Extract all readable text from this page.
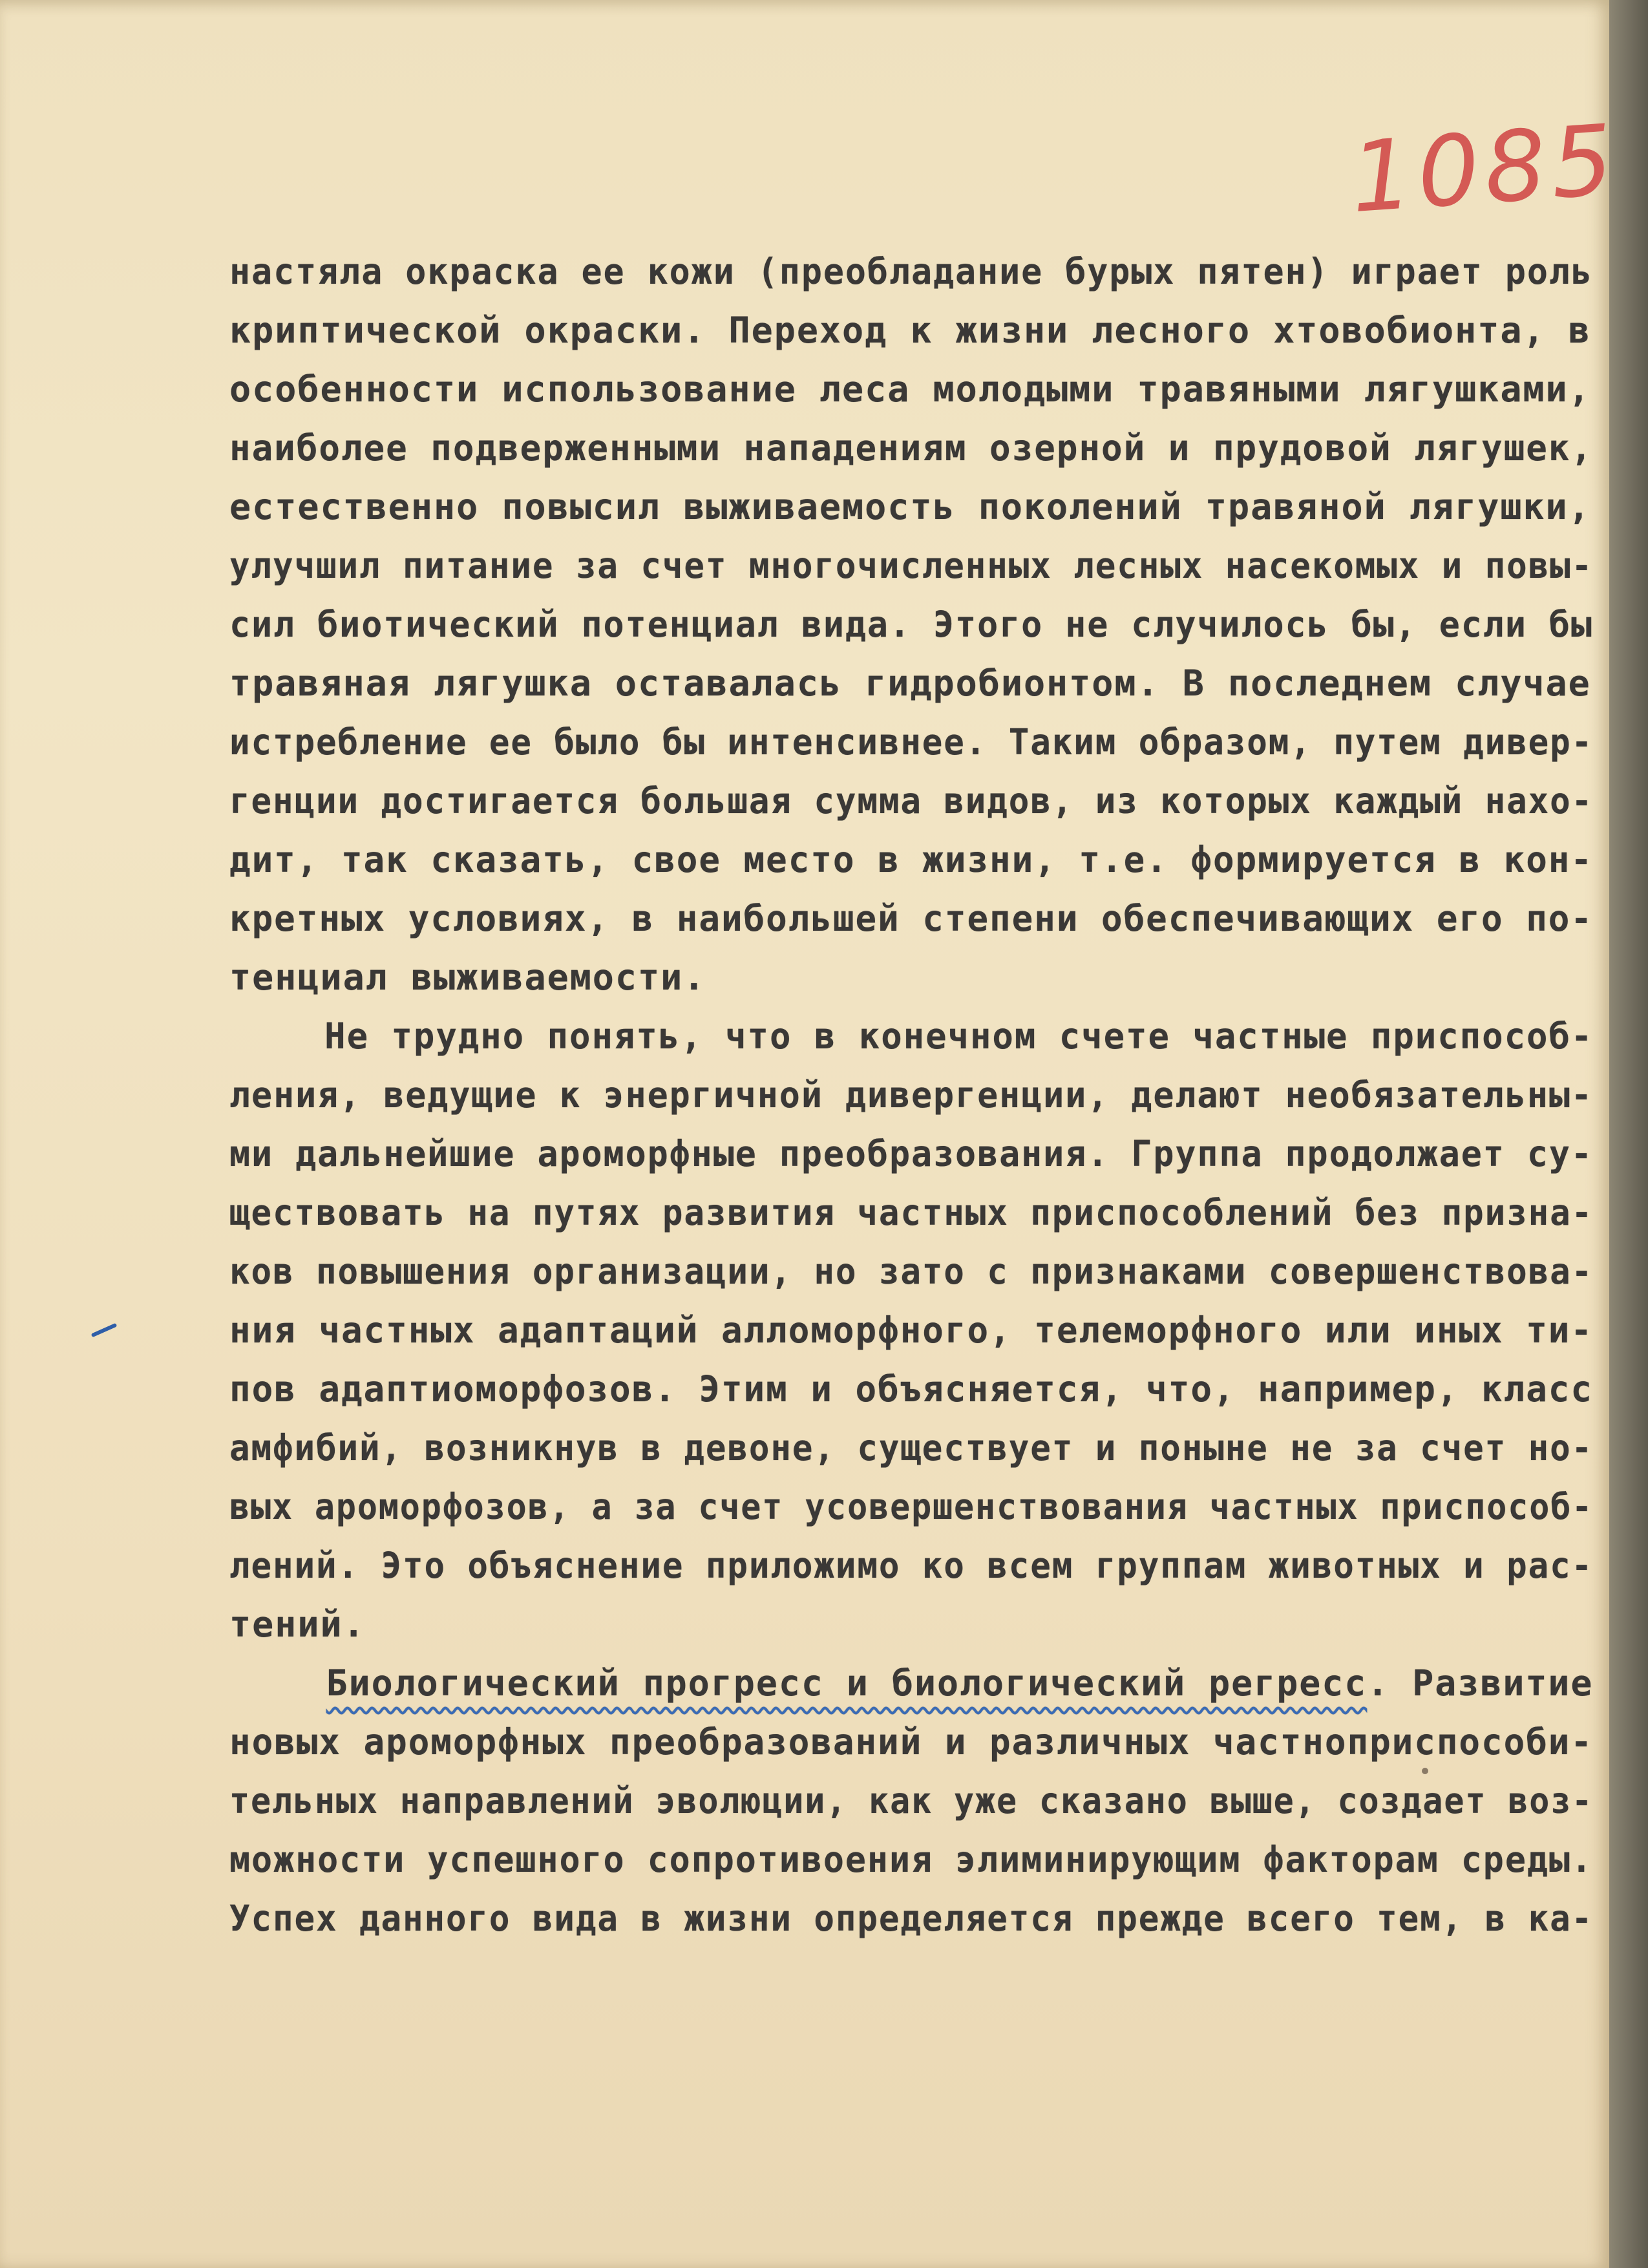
1085
настяла окраска ее кожи (преобладание бурых пятен) играет роль
криптической окраски. Переход к жизни лесного хтовобионта, в
особенности использование леса молодыми травяными лягушками,
наиболее подверженными нападениям озерной и прудовой лягушек,
естественно повысил выживаемость поколений травяной лягушки,
улучшил питание за счет многочисленных лесных насекомых и повы-
сил биотический потенциал вида. Этого не случилось бы, если бы
травяная лягушка оставалась гидробионтом. В последнем случае
истребление ее было бы интенсивнее. Таким образом, путем дивер-
генции достигается большая сумма видов, из которых каждый нахо-
дит, так сказать, свое место в жизни, т.е. формируется в кон-
кретных условиях, в наибольшей степени обеспечивающих его по-
тенциал выживаемости.
Не трудно понять, что в конечном счете частные приспособ-
ления, ведущие к энергичной дивергенции, делают необязательны-
ми дальнейшие ароморфные преобразования. Группа продолжает су-
ществовать на путях развития частных приспособлений без призна-
ков повышения организации, но зато с признаками совершенствова-
ния частных адаптаций алломорфного, телеморфного или иных ти-
пов адаптиоморфозов. Этим и объясняется, что, например, класс
амфибий, возникнув в девоне, существует и поныне не за счет но-
вых ароморфозов, а за счет усовершенствования частных приспособ-
лений. Это объяснение приложимо ко всем группам животных и рас-
тений.
Биологический прогресс и биологический регресс. Развитие
новых ароморфных преобразований и различных частноприспособи-
тельных направлений эволюции, как уже сказано выше, создает воз-
можности успешного сопротивоения элиминирующим факторам среды.
Успех данного вида в жизни определяется прежде всего тем, в ка-
